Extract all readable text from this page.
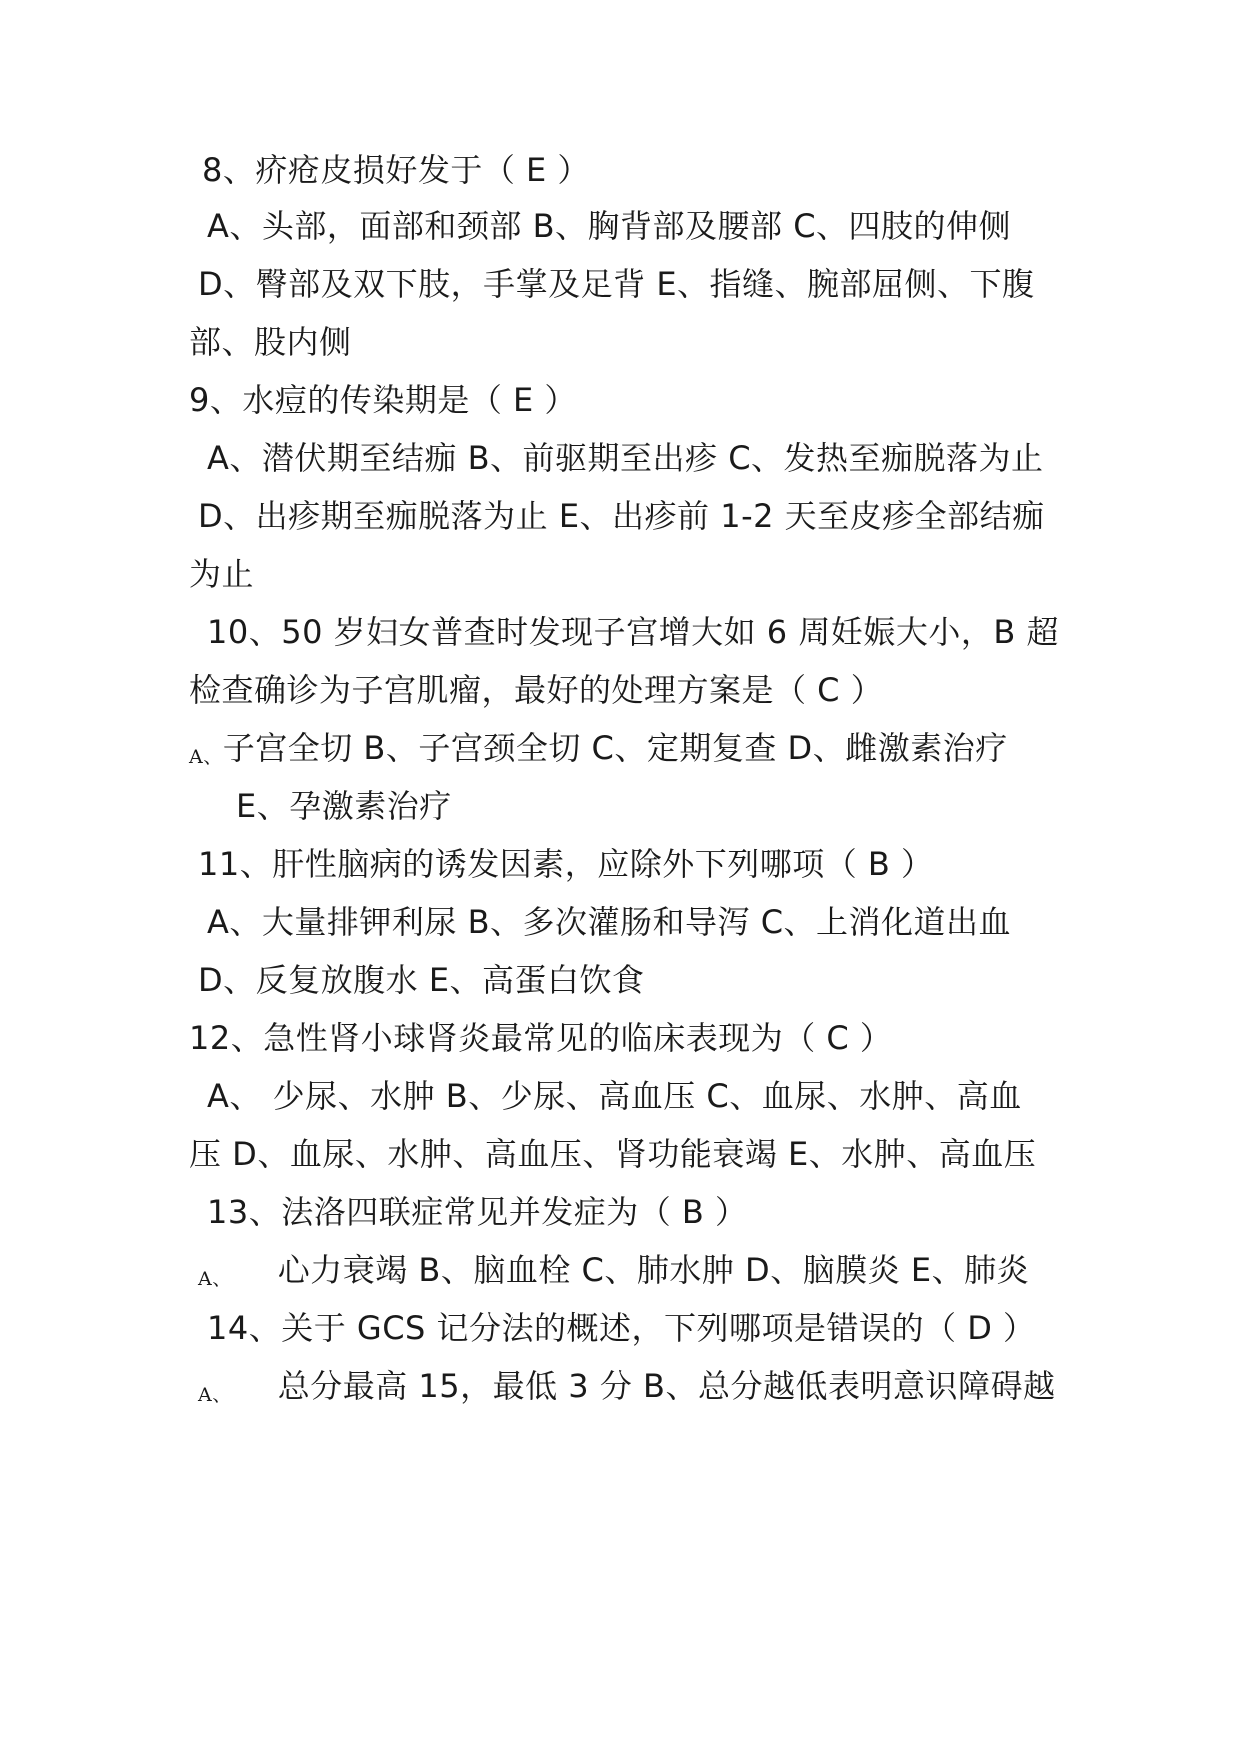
8、疥疮皮损好发于（ E ）
A、头部，面部和颈部 B、胸背部及腰部 C、四肢的伸侧
D、臀部及双下肢，手掌及足背 E、指缝、腕部屈侧、下腹
部、股内侧
9、水痘的传染期是（ E ）
A、潜伏期至结痂 B、前驱期至出疹 C、发热至痂脱落为止
D、出疹期至痂脱落为止 E、出疹前 1-2 天至皮疹全部结痂
为止
10、50 岁妇女普查时发现子宫增大如 6 周妊娠大小，B 超
检查确诊为子宫肌瘤，最好的处理方案是（ C ）
A、子宫全切 B、子宫颈全切 C、定期复查 D、雌激素治疗
E、孕激素治疗
11、肝性脑病的诱发因素，应除外下列哪项（ B ）
A、大量排钾利尿 B、多次灌肠和导泻 C、上消化道出血
D、反复放腹水 E、高蛋白饮食
12、急性肾小球肾炎最常见的临床表现为（ C ）
A、 少尿、水肿 B、少尿、高血压 C、血尿、水肿、高血
压 D、血尿、水肿、高血压、肾功能衰竭 E、水肿、高血压
13、法洛四联症常见并发症为（ B ）
A、 心力衰竭 B、脑血栓 C、肺水肿 D、脑膜炎 E、肺炎
14、关于 GCS 记分法的概述，下列哪项是错误的（ D ）
A、 总分最高 15，最低 3 分 B、总分越低表明意识障碍越
